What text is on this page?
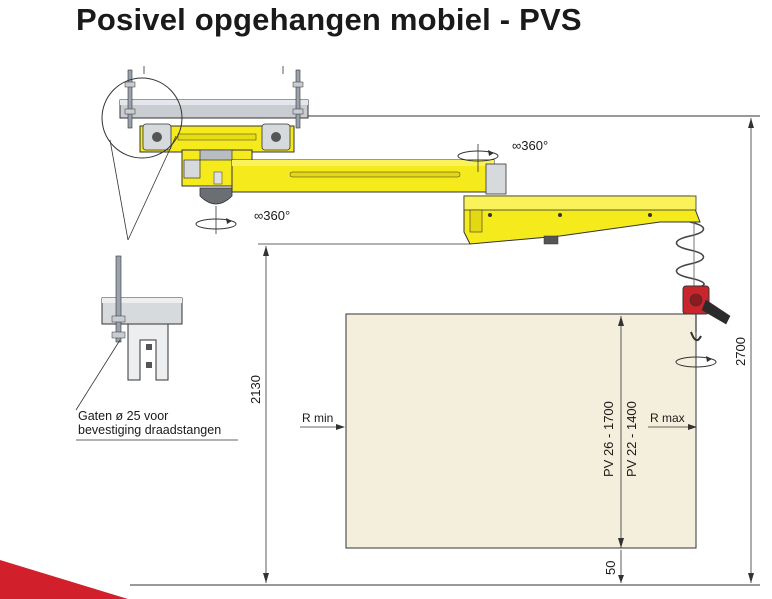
Posivel opgehangen mobiel - PVS
2130
2700
PV 26 - 1700 PV 22 - 1400
50
R min	R max
∞360°
∞360°
Gaten ø 25 voor
bevestiging draadstangen
